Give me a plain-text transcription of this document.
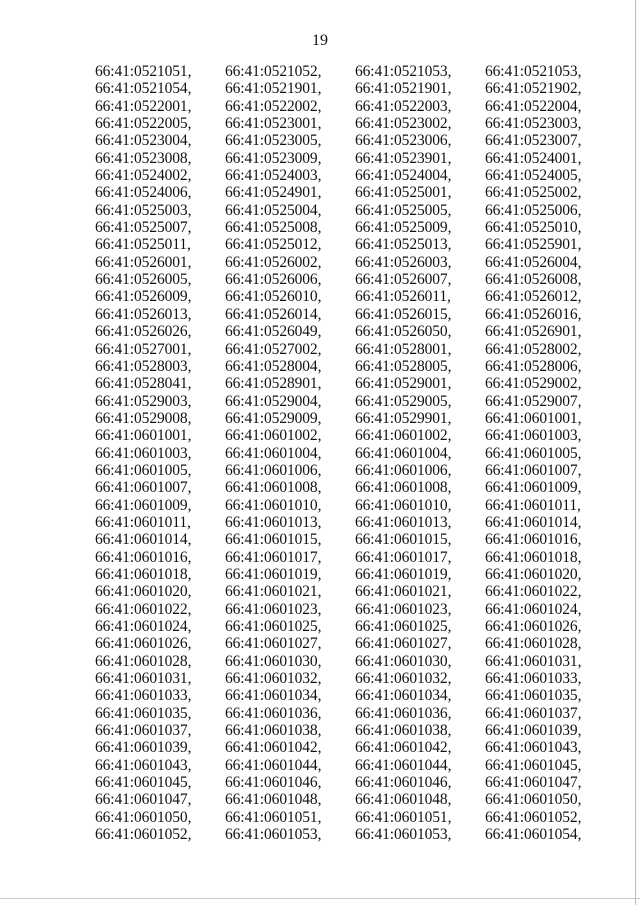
19
66:41:0521051,	66:41:0521052,	66:41:0521053,	66:41:0521053,
66:41:0521054,	66:41:0521901,	66:41:0521901,	66:41:0521902,
66:41:0522001,	66:41:0522002,	66:41:0522003,	66:41:0522004,
66:41:0522005,	66:41:0523001,	66:41:0523002,	66:41:0523003,
66:41:0523004,	66:41:0523005,	66:41:0523006,	66:41:0523007,
66:41:0523008,	66:41:0523009,	66:41:0523901,	66:41:0524001,
66:41:0524002,	66:41:0524003,	66:41:0524004,	66:41:0524005,
66:41:0524006,	66:41:0524901,	66:41:0525001,	66:41:0525002,
66:41:0525003,	66:41:0525004,	66:41:0525005,	66:41:0525006,
66:41:0525007,	66:41:0525008,	66:41:0525009,	66:41:0525010,
66:41:0525011,	66:41:0525012,	66:41:0525013,	66:41:0525901,
66:41:0526001,	66:41:0526002,	66:41:0526003,	66:41:0526004,
66:41:0526005,	66:41:0526006,	66:41:0526007,	66:41:0526008,
66:41:0526009,	66:41:0526010,	66:41:0526011,	66:41:0526012,
66:41:0526013,	66:41:0526014,	66:41:0526015,	66:41:0526016,
66:41:0526026,	66:41:0526049,	66:41:0526050,	66:41:0526901,
66:41:0527001,	66:41:0527002,	66:41:0528001,	66:41:0528002,
66:41:0528003,	66:41:0528004,	66:41:0528005,	66:41:0528006,
66:41:0528041,	66:41:0528901,	66:41:0529001,	66:41:0529002,
66:41:0529003,	66:41:0529004,	66:41:0529005,	66:41:0529007,
66:41:0529008,	66:41:0529009,	66:41:0529901,	66:41:0601001,
66:41:0601001,	66:41:0601002,	66:41:0601002,	66:41:0601003,
66:41:0601003,	66:41:0601004,	66:41:0601004,	66:41:0601005,
66:41:0601005,	66:41:0601006,	66:41:0601006,	66:41:0601007,
66:41:0601007,	66:41:0601008,	66:41:0601008,	66:41:0601009,
66:41:0601009,	66:41:0601010,	66:41:0601010,	66:41:0601011,
66:41:0601011,	66:41:0601013,	66:41:0601013,	66:41:0601014,
66:41:0601014,	66:41:0601015,	66:41:0601015,	66:41:0601016,
66:41:0601016,	66:41:0601017,	66:41:0601017,	66:41:0601018,
66:41:0601018,	66:41:0601019,	66:41:0601019,	66:41:0601020,
66:41:0601020,	66:41:0601021,	66:41:0601021,	66:41:0601022,
66:41:0601022,	66:41:0601023,	66:41:0601023,	66:41:0601024,
66:41:0601024,	66:41:0601025,	66:41:0601025,	66:41:0601026,
66:41:0601026,	66:41:0601027,	66:41:0601027,	66:41:0601028,
66:41:0601028,	66:41:0601030,	66:41:0601030,	66:41:0601031,
66:41:0601031,	66:41:0601032,	66:41:0601032,	66:41:0601033,
66:41:0601033,	66:41:0601034,	66:41:0601034,	66:41:0601035,
66:41:0601035,	66:41:0601036,	66:41:0601036,	66:41:0601037,
66:41:0601037,	66:41:0601038,	66:41:0601038,	66:41:0601039,
66:41:0601039,	66:41:0601042,	66:41:0601042,	66:41:0601043,
66:41:0601043,	66:41:0601044,	66:41:0601044,	66:41:0601045,
66:41:0601045,	66:41:0601046,	66:41:0601046,	66:41:0601047,
66:41:0601047,	66:41:0601048,	66:41:0601048,	66:41:0601050,
66:41:0601050,	66:41:0601051,	66:41:0601051,	66:41:0601052,
66:41:0601052,	66:41:0601053,	66:41:0601053,	66:41:0601054,
